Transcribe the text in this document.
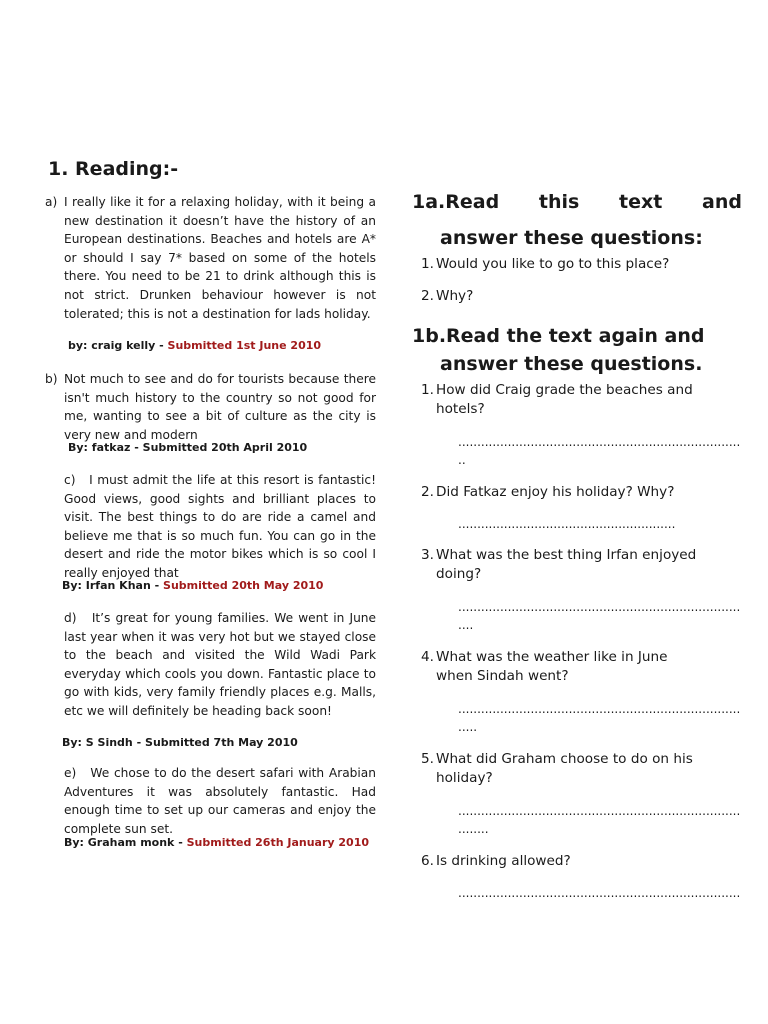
1. Reading:-
a) I really like it for a relaxing holiday, with it being a new destination it doesn’t have the history of an European destinations. Beaches and hotels are A* or should I say 7* based on some of the hotels there. You need to be 21 to drink although this is not strict. Drunken behaviour however is not tolerated; this is not a destination for lads holiday.

by: craig kelly - Submitted 1st June 2010
b) Not much to see and do for tourists because there isn't much history to the country so not good for me, wanting to see a bit of culture as the city is very new and modern

By: fatkaz - Submitted 20th April 2010

c) I must admit the life at this resort is fantastic! Good views, good sights and brilliant places to visit. The best things to do are ride a camel and believe me that is so much fun. You can go in the desert and ride the motor bikes which is so cool I really enjoyed that

By: Irfan Khan - Submitted 20th May 2010

d) It’s great for young families. We went in June last year when it was very hot but we stayed close to the beach and visited the Wild Wadi Park everyday which cools you down. Fantastic place to go with kids, very family friendly places e.g. Malls, etc we will definitely be heading back soon!

By: S Sindh - Submitted 7th May 2010

e) We chose to do the desert safari with Arabian Adventures it was absolutely fantastic. Had enough time to set up our cameras and enjoy the complete sun set.

By: Graham monk - Submitted 26th January 2010
1a.Read this text and
answer these questions:
1. Would you like to go to this place?
2. Why?
1b.Read the text again and
answer these questions.
1. How did Craig grade the beaches and
hotels?
..........................................................................
..
2. Did Fatkaz enjoy his holiday? Why?
.........................................................
3. What was the best thing Irfan enjoyed
doing?
..........................................................................
....
4. What was the weather like in June
when Sindah went?
..........................................................................
.....
5. What did Graham choose to do on his
holiday?
..........................................................................
........
6. Is drinking allowed?
..........................................................................
